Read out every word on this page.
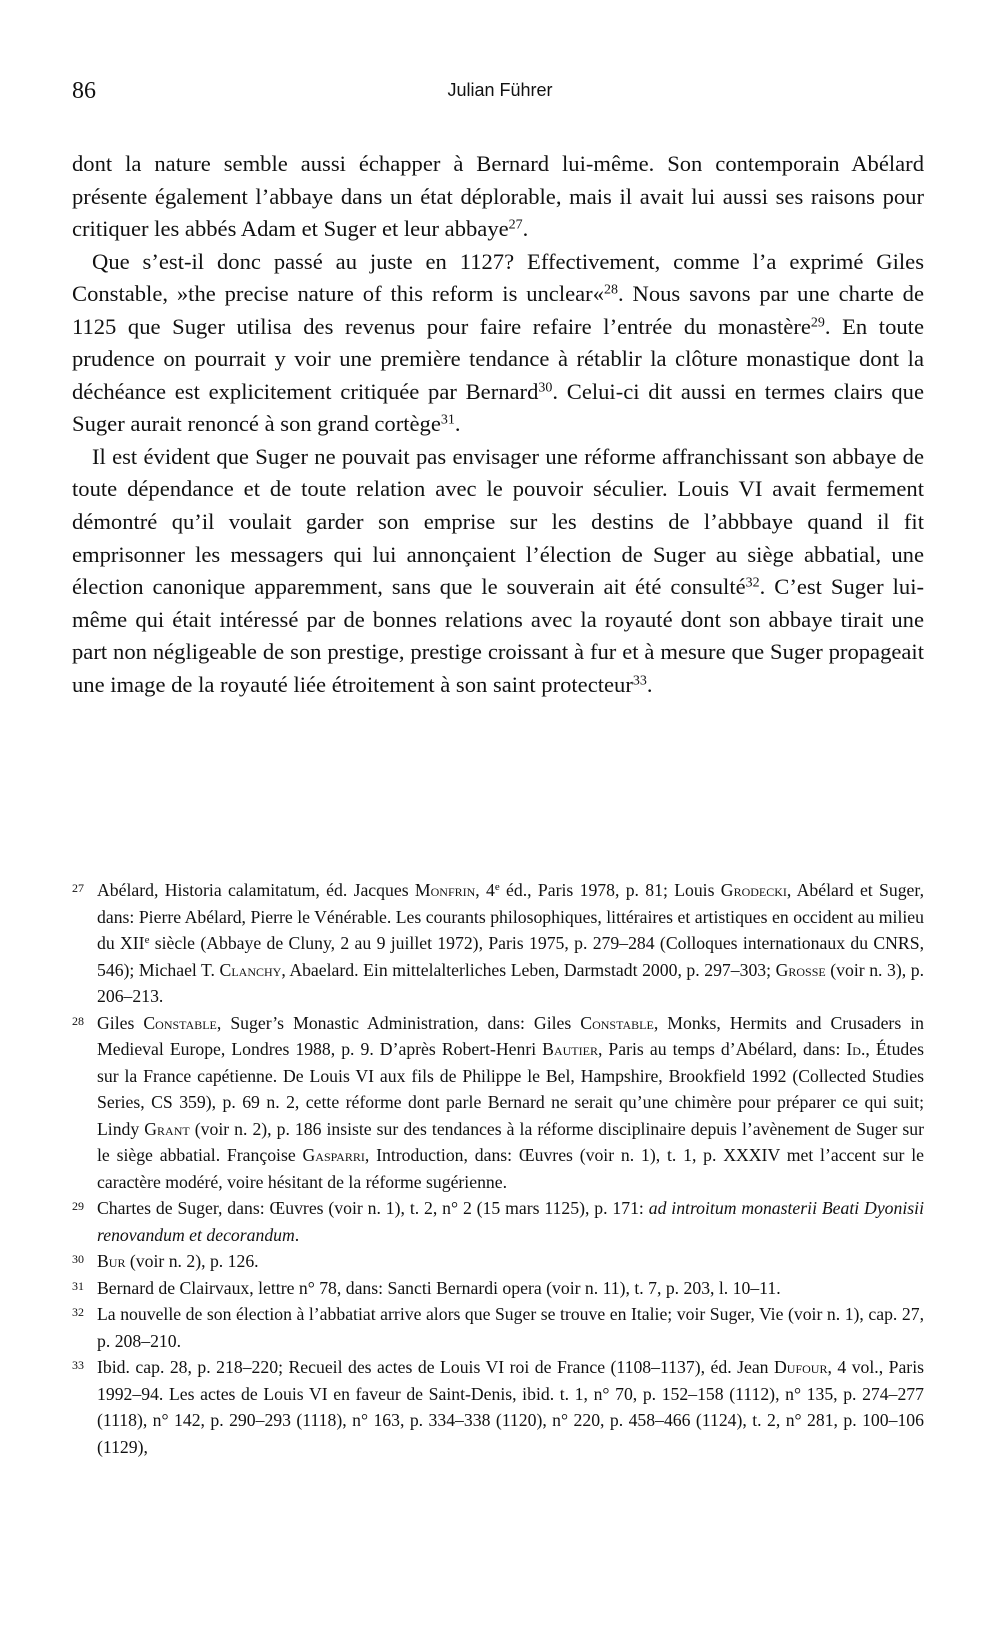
86	Julian Führer

dont la nature semble aussi échapper à Bernard lui-même. Son contemporain Abélard présente également l’abbaye dans un état déplorable, mais il avait lui aussi ses raisons pour critiquer les abbés Adam et Suger et leur abbaye$^{27}$.

Que s’est-il donc passé au juste en 1127? Effectivement, comme l’a exprimé Giles Constable, »the precise nature of this reform is unclear«$^{28}$. Nous savons par une charte de 1125 que Suger utilisa des revenus pour faire refaire l’entrée du monastère$^{29}$. En toute prudence on pourrait y voir une première tendance à rétablir la clôture monastique dont la déchéance est explicitement critiquée par Bernard$^{30}$. Celui-ci dit aussi en termes clairs que Suger aurait renoncé à son grand cortège$^{31}$.

Il est évident que Suger ne pouvait pas envisager une réforme affranchissant son abbaye de toute dépendance et de toute relation avec le pouvoir séculier. Louis VI avait fermement démontré qu’il voulait garder son emprise sur les destins de l’abbbaye quand il fit emprisonner les messagers qui lui annonçaient l’élection de Suger au siège abbatial, une élection canonique apparemment, sans que le souverain ait été consulté$^{32}$. C’est Suger lui-même qui était intéressé par de bonnes relations avec la royauté dont son abbaye tirait une part non négligeable de son prestige, prestige croissant à fur et à mesure que Suger propageait une image de la royauté liée étroitement à son saint protecteur$^{33}$.

27 Abélard, Historia calamitatum, éd. Jacques Monfrin, 4e éd., Paris 1978, p. 81; Louis Grodecki, Abélard et Suger, dans: Pierre Abélard, Pierre le Vénérable. Les courants philosophiques, littéraires et artistiques en occident au milieu du XIIe siècle (Abbaye de Cluny, 2 au 9 juillet 1972), Paris 1975, p. 279–284 (Colloques internationaux du CNRS, 546); Michael T. Clanchy, Abaelard. Ein mittelalterliches Leben, Darmstadt 2000, p. 297–303; Grosse (voir n. 3), p. 206–213.

28 Giles Constable, Suger’s Monastic Administration, dans: Giles Constable, Monks, Hermits and Crusaders in Medieval Europe, Londres 1988, p. 9. D’après Robert-Henri Bautier, Paris au temps d’Abélard, dans: Id., Études sur la France capétienne. De Louis VI aux fils de Philippe le Bel, Hampshire, Brookfield 1992 (Collected Studies Series, CS 359), p. 69 n. 2, cette réforme dont parle Bernard ne serait qu’une chimère pour préparer ce qui suit; Lindy Grant (voir n. 2), p. 186 insiste sur des tendances à la réforme disciplinaire depuis l’avènement de Suger sur le siège abbatial. Françoise Gasparri, Introduction, dans: Œuvres (voir n. 1), t. 1, p. XXXIV met l’accent sur le caractère modéré, voire hésitant de la réforme sugérienne.

29 Chartes de Suger, dans: Œuvres (voir n. 1), t. 2, n° 2 (15 mars 1125), p. 171: ad introitum monasterii Beati Dyonisii renovandum et decorandum.

30 Bur (voir n. 2), p. 126.

31 Bernard de Clairvaux, lettre n° 78, dans: Sancti Bernardi opera (voir n. 11), t. 7, p. 203, l. 10–11.

32 La nouvelle de son élection à l’abbatiat arrive alors que Suger se trouve en Italie; voir Suger, Vie (voir n. 1), cap. 27, p. 208–210.

33 Ibid. cap. 28, p. 218–220; Recueil des actes de Louis VI roi de France (1108–1137), éd. Jean Dufour, 4 vol., Paris 1992–94. Les actes de Louis VI en faveur de Saint-Denis, ibid. t. 1, n° 70, p. 152–158 (1112), n° 135, p. 274–277 (1118), n° 142, p. 290–293 (1118), n° 163, p. 334–338 (1120), n° 220, p. 458–466 (1124), t. 2, n° 281, p. 100–106 (1129),
